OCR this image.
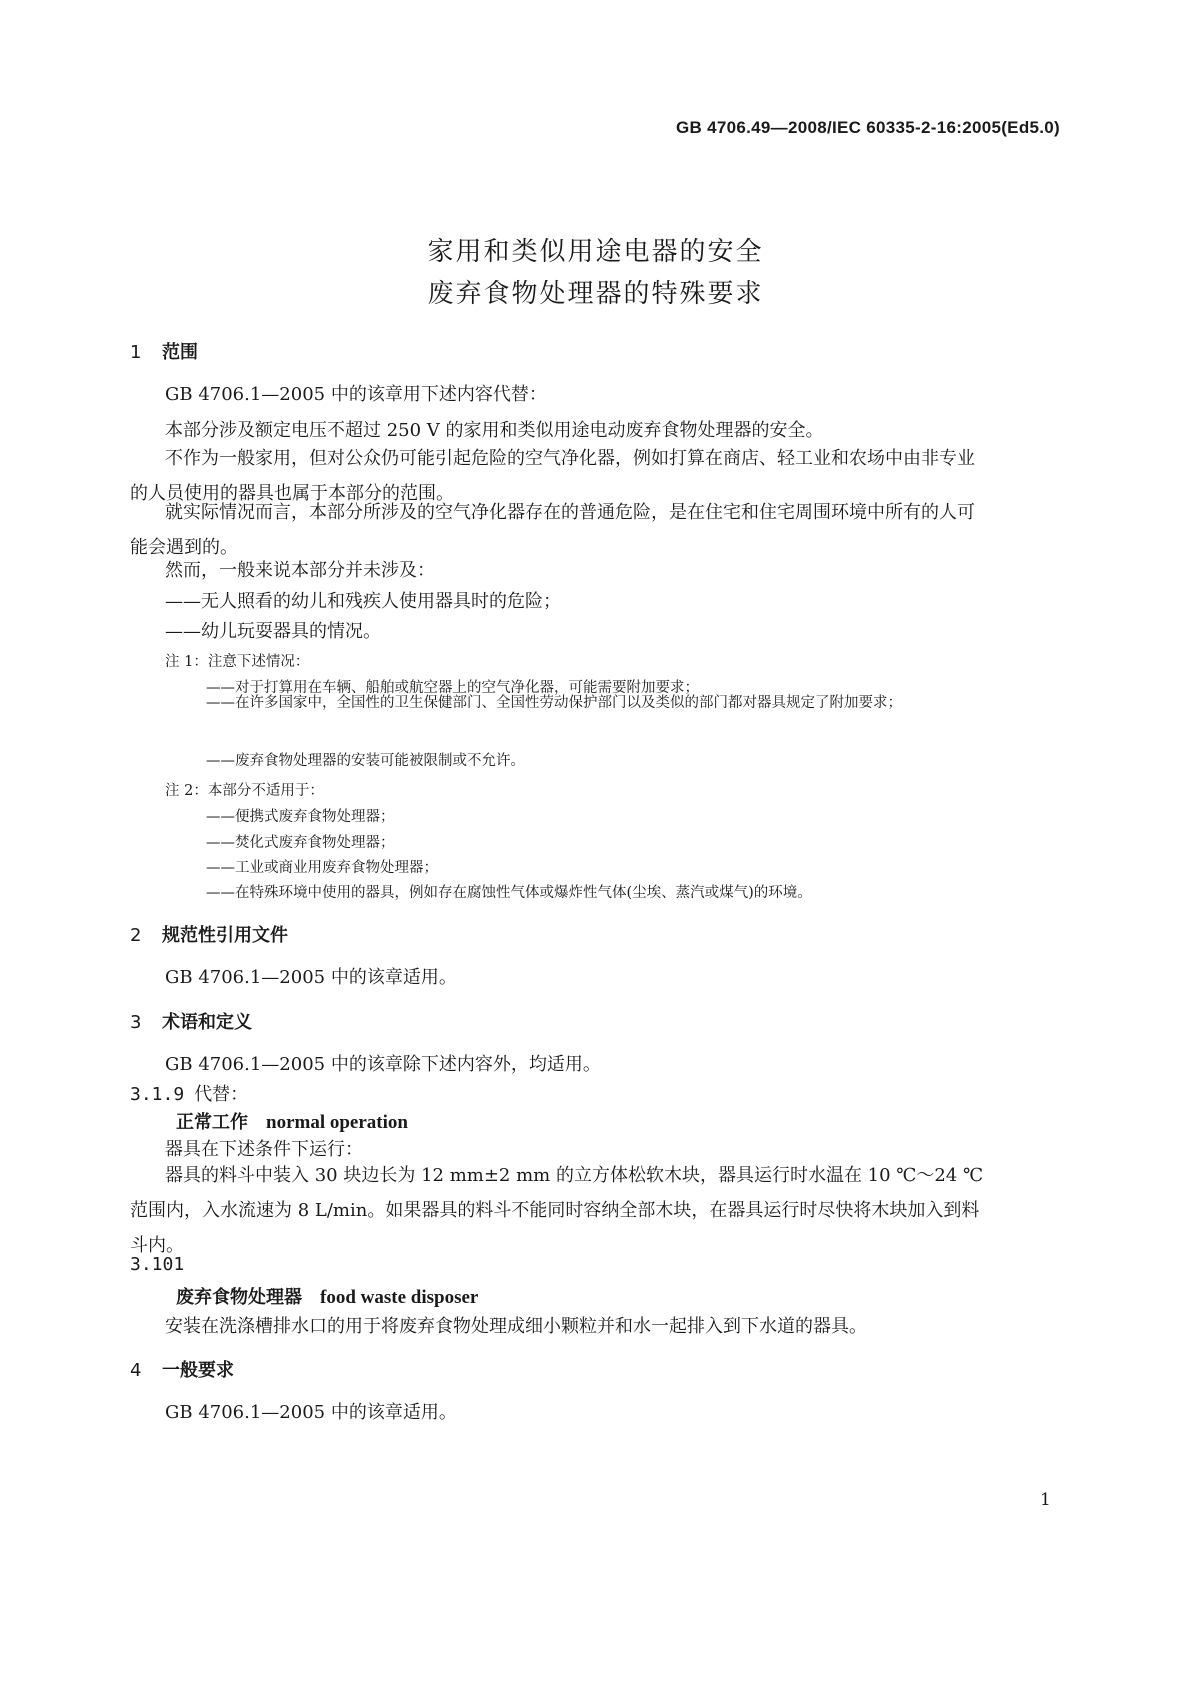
GB 4706.49—2008/IEC 60335-2-16:2005(Ed5.0)
家用和类似用途电器的安全
废弃食物处理器的特殊要求
1 范围
GB 4706.1—2005 中的该章用下述内容代替：
本部分涉及额定电压不超过 250 V 的家用和类似用途电动废弃食物处理器的安全。
不作为一般家用，但对公众仍可能引起危险的空气净化器，例如打算在商店、轻工业和农场中由非专业的人员使用的器具也属于本部分的范围。
就实际情况而言，本部分所涉及的空气净化器存在的普通危险，是在住宅和住宅周围环境中所有的人可能会遇到的。
然而，一般来说本部分并未涉及：
——无人照看的幼儿和残疾人使用器具时的危险；
——幼儿玩耍器具的情况。
注 1：注意下述情况：
——对于打算用在车辆、船舶或航空器上的空气净化器，可能需要附加要求；
——在许多国家中，全国性的卫生保健部门、全国性劳动保护部门以及类似的部门都对器具规定了附加要求；
——废弃食物处理器的安装可能被限制或不允许。
注 2：本部分不适用于：
——便携式废弃食物处理器；
——焚化式废弃食物处理器；
——工业或商业用废弃食物处理器；
——在特殊环境中使用的器具，例如存在腐蚀性气体或爆炸性气体(尘埃、蒸汽或煤气)的环境。
2 规范性引用文件
GB 4706.1—2005 中的该章适用。
3 术语和定义
GB 4706.1—2005 中的该章除下述内容外，均适用。
3.1.9 代替：
正常工作 normal operation
器具在下述条件下运行：
器具的料斗中装入 30 块边长为 12 mm±2 mm 的立方体松软木块，器具运行时水温在 10 ℃～24 ℃范围内，入水流速为 8 L/min。如果器具的料斗不能同时容纳全部木块，在器具运行时尽快将木块加入到料斗内。
3.101
废弃食物处理器 food waste disposer
安装在洗涤槽排水口的用于将废弃食物处理成细小颗粒并和水一起排入到下水道的器具。
4 一般要求
GB 4706.1—2005 中的该章适用。
1
